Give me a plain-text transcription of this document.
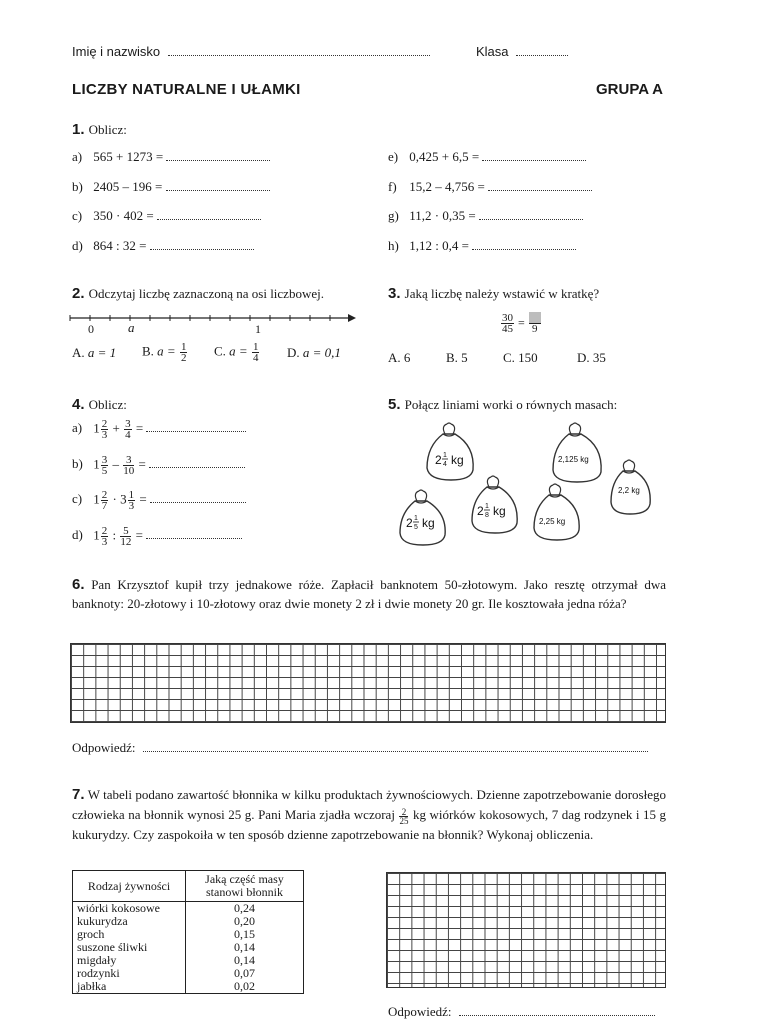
Imię i nazwisko	Klasa
LICZBY NATURALNE I UŁAMKI	GRUPA A
1. Oblicz:
a) 565 + 1273 =
b) 2405 – 196 =
c) 350 · 402 =
d) 864 : 32 =
e) 0,425 + 6,5 =
f) 15,2 – 4,756 =
g) 11,2 · 0,35 =
h) 1,12 : 0,4 =
2. Odczytaj liczbę zaznaczoną na osi liczbowej.
0	a	1
A. a = 1 B. $a = \frac{1}{2} C$. $a = \frac{1}{4} D$. a = 0,1
3. Jaką liczbę należy wstawić w kratkę?
$\frac{30}{45} = 9$
A. 6	B. 5	C. 150	D. 35
4. Oblicz:
a) $1 \frac{2}{3} + \frac{3}{4}$ =
b) $1 \frac{3}{5} - \frac{3}{10}$ =
c) $1 \frac{2}{7} \cdot 3 \frac{1}{3}$ =
d) $1 \frac{2}{3}$ : $\frac{5}{12}$ =
5. Połącz liniami worki o równych masach:
2 1
4 kg
2 1
5 kg
2 1
8 kg
2,125 kg
2,2 kg
2,25 kg
6. Pan Krzysztof kupił trzy jednakowe róże. Zapłacił banknotem 50-złotowym. Jako resztę otrzymał dwa banknoty: 20-złotowy i 10-złotowy oraz dwie monety 2 zł i dwie monety 20 gr. Ile kosztowała jedna róża?
Odpowiedź:
7. W tabeli podano zawartość błonnika w kilku produktach żywnościowych. Dzienne zapotrzebowanie dorosłego człowieka na błonnik wynosi 25 g. Pani Maria zjadła wczoraj $\frac{2}{25}$ kg wiórków kokosowych, 7 dag rodzynek i 15 g kukurydzy. Czy zaspokoiła w ten sposób dzienne zapotrzebowanie na błonnik? Wykonaj obliczenia.
Rodzaj żywności	Jaką część masy
stanowi błonnik

wiórki kokosowe	0,24
kukurydza	0,20
groch	0,15
suszone śliwki	0,14
migdały	0,14
rodzynki	0,07
jabłka	0,02
Odpowiedź:
